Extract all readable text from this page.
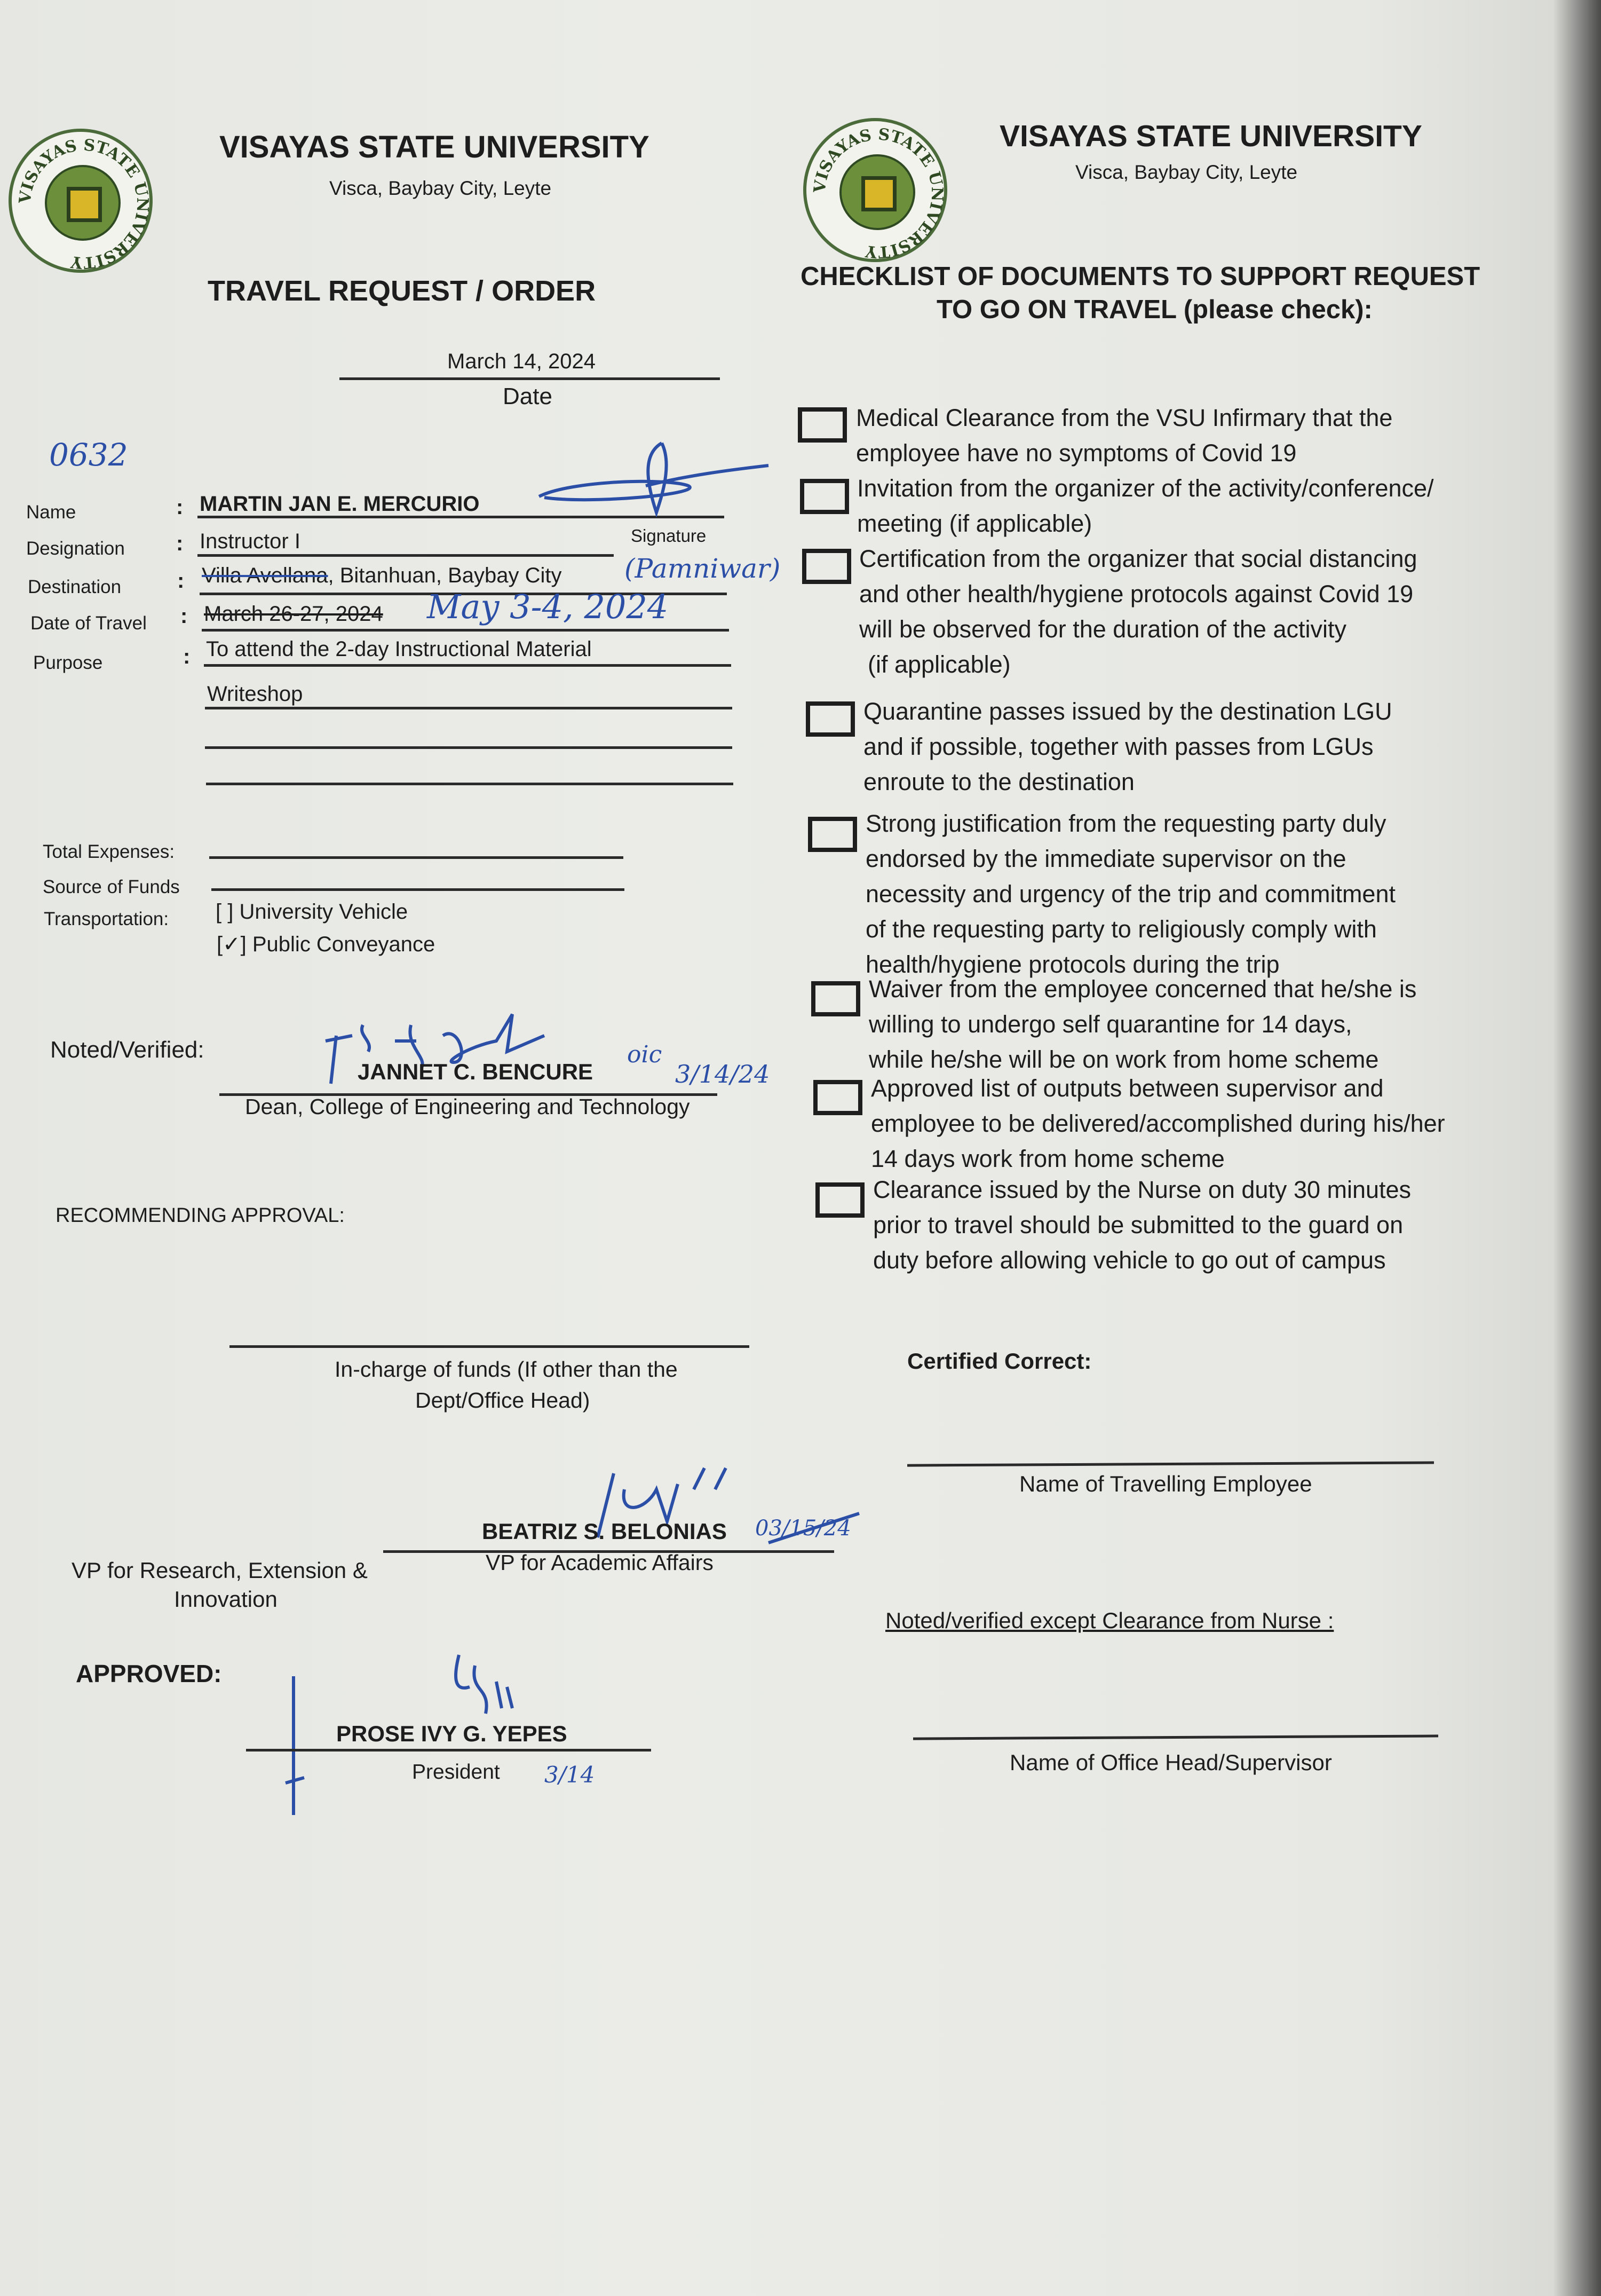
VISAYAS STATE UNIVERSITY
VISAYAS STATE UNIVERSITY
Visca, Baybay City, Leyte
TRAVEL REQUEST / ORDER
March 14, 2024
Date
0632
Name	: MARTIN JAN E. MERCURIO
Signature
Designation : Instructor I
Destination	: Villa Avellana, Bitanhuan, Baybay City (Pamniwar)
Date of Travel : March 26-27, 2024 May 3-4, 2024
Purpose	: To attend the 2-day Instructional Material
Writeshop
Total Expenses:
Source of Funds
Transportation: [ ] University Vehicle
[✓] Public Conveyance
Noted/Verified:
JANNET C. BENCURE
oic
3/14/24
Dean, College of Engineering and Technology
RECOMMENDING APPROVAL:
In-charge of funds (If other than the
Dept/Office Head)
BEATRIZ S. BELONIAS 03/15/24
VP for Academic Affairs
VP for Research, Extension &
Innovation
APPROVED:
PROSE IVY G. YEPES
President 3/14
VISAYAS STATE UNIVERSITY
VISAYAS STATE UNIVERSITY
Visca, Baybay City, Leyte
CHECKLIST OF DOCUMENTS TO SUPPORT REQUEST
TO GO ON TRAVEL (please check):
Medical Clearance from the VSU Infirmary that the
employee have no symptoms of Covid 19
Invitation from the organizer of the activity/conference/
meeting (if applicable)
Certification from the organizer that social distancing
and other health/hygiene protocols against Covid 19
will be observed for the duration of the activity
(if applicable)
Quarantine passes issued by the destination LGU
and if possible, together with passes from LGUs
enroute to the destination
Strong justification from the requesting party duly
endorsed by the immediate supervisor on the
necessity and urgency of the trip and commitment
of the requesting party to religiously comply with
health/hygiene protocols during the trip
Waiver from the employee concerned that he/she is
willing to undergo self quarantine for 14 days,
while he/she will be on work from home scheme
Approved list of outputs between supervisor and
employee to be delivered/accomplished during his/her
14 days work from home scheme
Clearance issued by the Nurse on duty 30 minutes
prior to travel should be submitted to the guard on
duty before allowing vehicle to go out of campus
Certified Correct:
Name of Travelling Employee
Noted/verified except Clearance from Nurse :
Name of Office Head/Supervisor
